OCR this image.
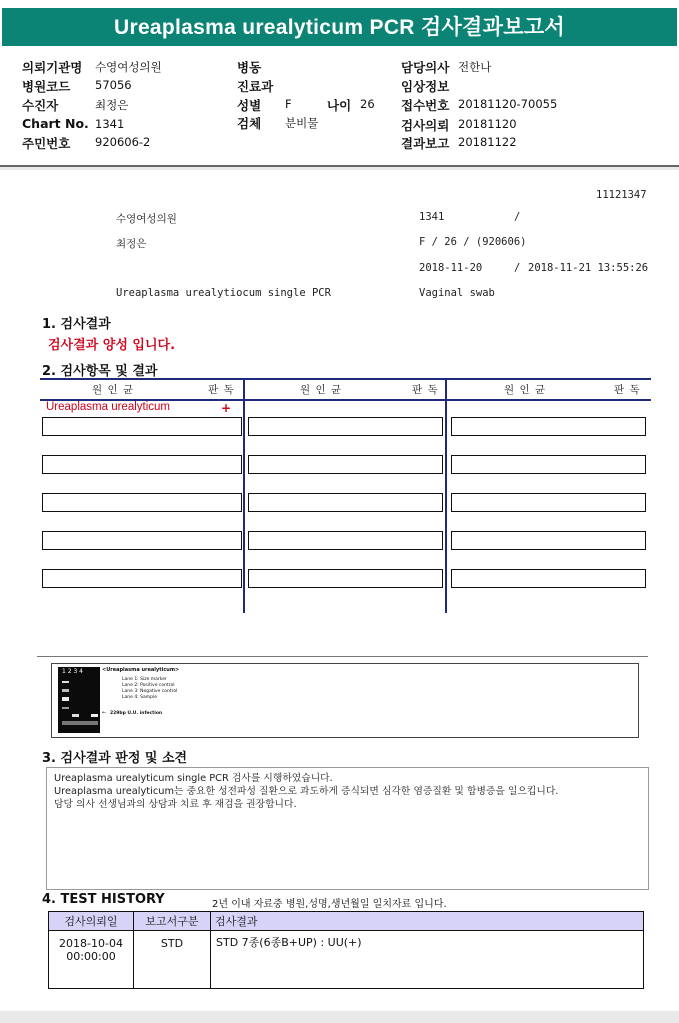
Ureaplasma urealyticum PCR 검사결과보고서
의뢰기관명 수영여성의원
병원코드 57056
수진자	최정은
Chart No. 1341
주민번호 920606-2
병동
진료과
성별 F	나이 26
검체 분비물
담당의사 전한나
임상정보
접수번호 20181120-70055
검사의뢰 20181120
결과보고 20181122
11121347
수영여성의원	1341	/
최정은	F / 26 / (920606)
2018-11-20	/ 2018-11-21 13:55:26
Ureaplasma urealytiocum single PCR	Vaginal swab
1. 검사결과
검사결과 양성 입니다.
2. 검사항목 및 결과
원 인 균	판 독	원 인 균	판 독	원 인 균	판 독
Ureaplasma urealyticum	+
1 2 3 4	<Ureaplasma urealyticum>
Lane 1: Size marker
Lane 2: Positive control
Lane 3: Negative control
Lane 4: Sample
← 229bp U.U. infection
3. 검사결과 판정 및 소견
Ureaplasma urealyticum single PCR 검사를 시행하였습니다.
Ureaplasma urealyticum는 중요한 성전파성 질환으로 과도하게 증식되면 심각한 염증질환 및 합병증을 일으킵니다.
담당 의사 선생님과의 상담과 치료 후 재검을 권장합니다.
4. TEST HISTORY	2년 이내 자료중 병원,성명,생년월일 일치자료 입니다.
검사의뢰일	보고서구분	검사결과

2018-10-04
00:00:00	STD	STD 7종(6종B+UP) : UU(+)
